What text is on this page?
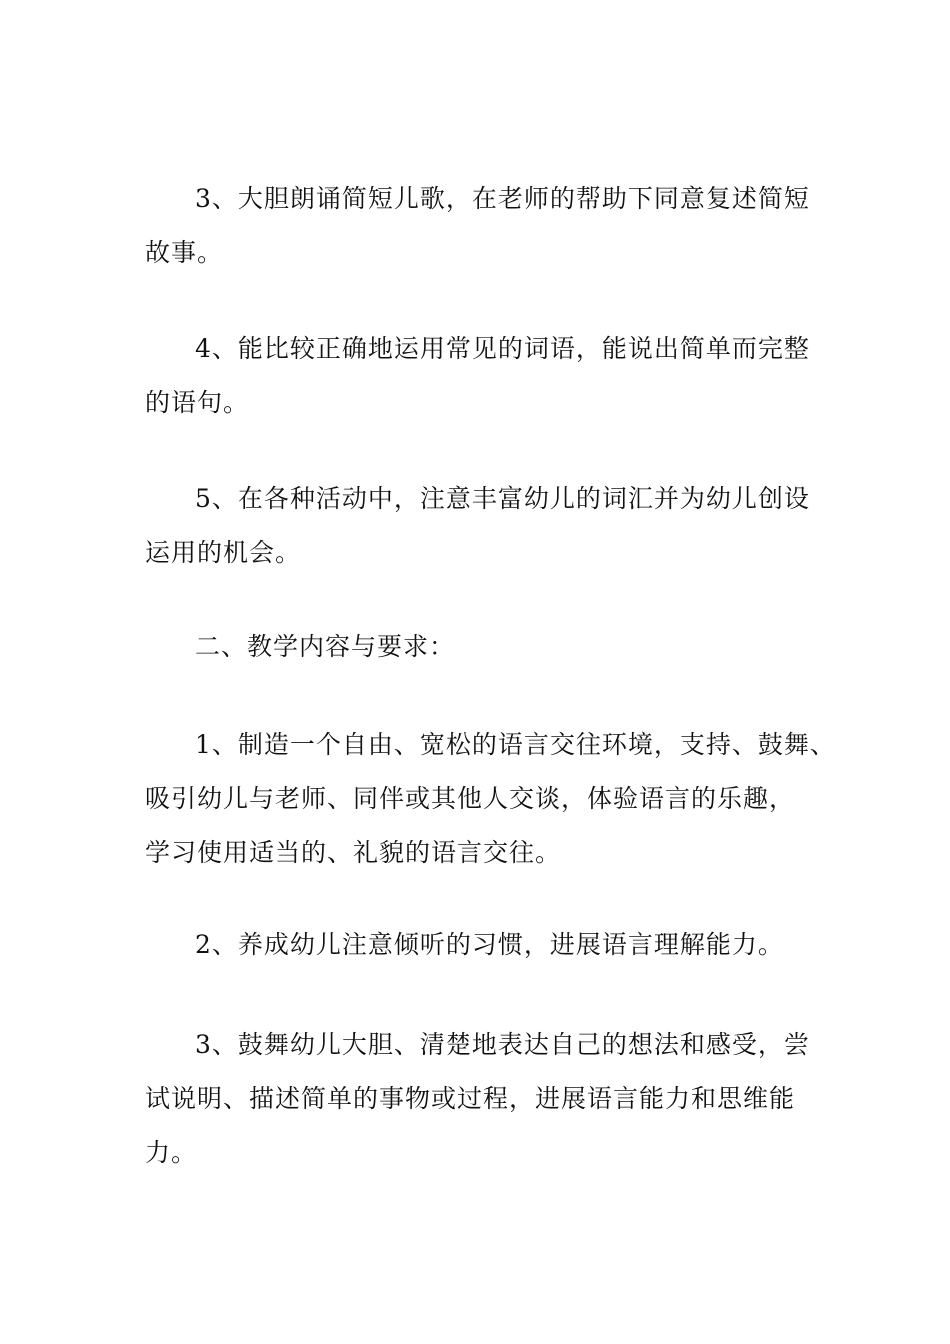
3、大胆朗诵简短儿歌，在老师的帮助下同意复述简短
故事。

4、能比较正确地运用常见的词语，能说出简单而完整
的语句。

5、在各种活动中，注意丰富幼儿的词汇并为幼儿创设
运用的机会。

二、教学内容与要求：

1、制造一个自由、宽松的语言交往环境，支持、鼓舞、
吸引幼儿与老师、同伴或其他人交谈，体验语言的乐趣，
学习使用适当的、礼貌的语言交往。

2、养成幼儿注意倾听的习惯，进展语言理解能力。

3、鼓舞幼儿大胆、清楚地表达自己的想法和感受，尝
试说明、描述简单的事物或过程，进展语言能力和思维能
力。
